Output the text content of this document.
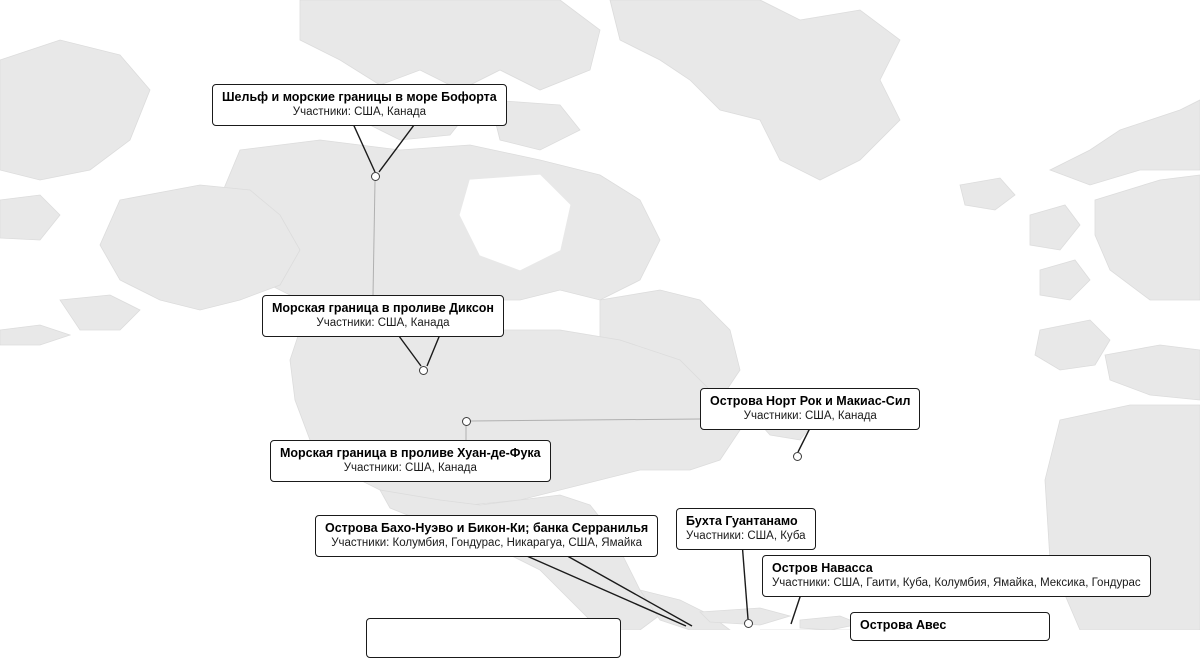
Шельф и морские границы в море Бофорта
Участники: США, Канада
Морская граница в проливе Диксон
Участники: США, Канада
Морская граница в проливе Хуан-де-Фука
Участники: США, Канада
Острова Норт Рок и Макиас-Сил
Участники: США, Канада
Острова Бахо-Нуэво и Бикон-Ки; банка Серранилья
Участники: Колумбия, Гондурас, Никарагуа, США, Ямайка
Бухта Гуантанамо
Участники: США, Куба
Остров Навасса
Участники: США, Гаити, Куба, Колумбия, Ямайка, Мексика, Гондурас
Острова Авес
